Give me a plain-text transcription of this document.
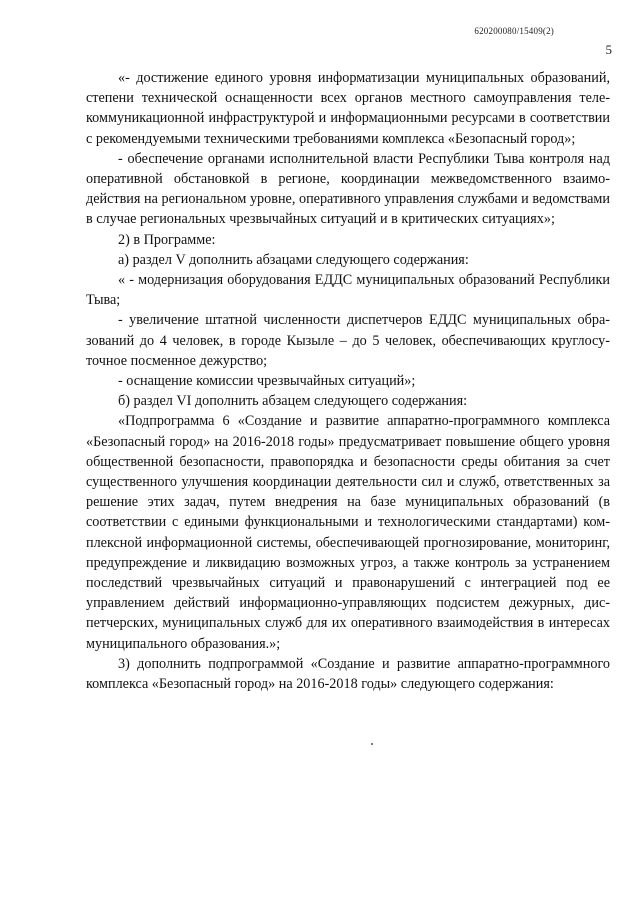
620200080/15409(2)
5

«- достижение единого уровня информатизации муниципальных образований, степени технической оснащенности всех органов местного самоуправления телекоммуникационной инфраструктурой и информационными ресурсами в соответствии с рекомендуемыми техническими требованиями комплекса «Безопасный город»;

- обеспечение органами исполнительной власти Республики Тыва контроля над оперативной обстановкой в регионе, координации межведомственного взаимодействия на региональном уровне, оперативного управления службами и ведомствами в случае региональных чрезвычайных ситуаций и в критических ситуациях»;

2) в Программе:

а) раздел V дополнить абзацами следующего содержания:

« - модернизация оборудования ЕДДС муниципальных образований Республики Тыва;

- увеличение штатной численности диспетчеров ЕДДС муниципальных образований до 4 человек, в городе Кызыле – до 5 человек, обеспечивающих круглосуточное посменное дежурство;

- оснащение комиссии чрезвычайных ситуаций»;

б) раздел VI дополнить абзацем следующего содержания:

«Подпрограмма 6 «Создание и развитие аппаратно-программного комплекса «Безопасный город» на 2016-2018 годы» предусматривает повышение общего уровня общественной безопасности, правопорядка и безопасности среды обитания за счет существенного улучшения координации деятельности сил и служб, ответственных за решение этих задач, путем внедрения на базе муниципальных образований (в соответствии с едиными функциональными и технологическими стандартами) комплексной информационной системы, обеспечивающей прогнозирование, мониторинг, предупреждение и ликвидацию возможных угроз, а также контроль за устранением последствий чрезвычайных ситуаций и правонарушений с интеграцией под ее управлением действий информационно-управляющих подсистем дежурных, диспетчерских, муниципальных служб для их оперативного взаимодействия в интересах муниципального образования.»;

3) дополнить подпрограммой «Создание и развитие аппаратно-программного комплекса «Безопасный город» на 2016-2018 годы» следующего содержания:
